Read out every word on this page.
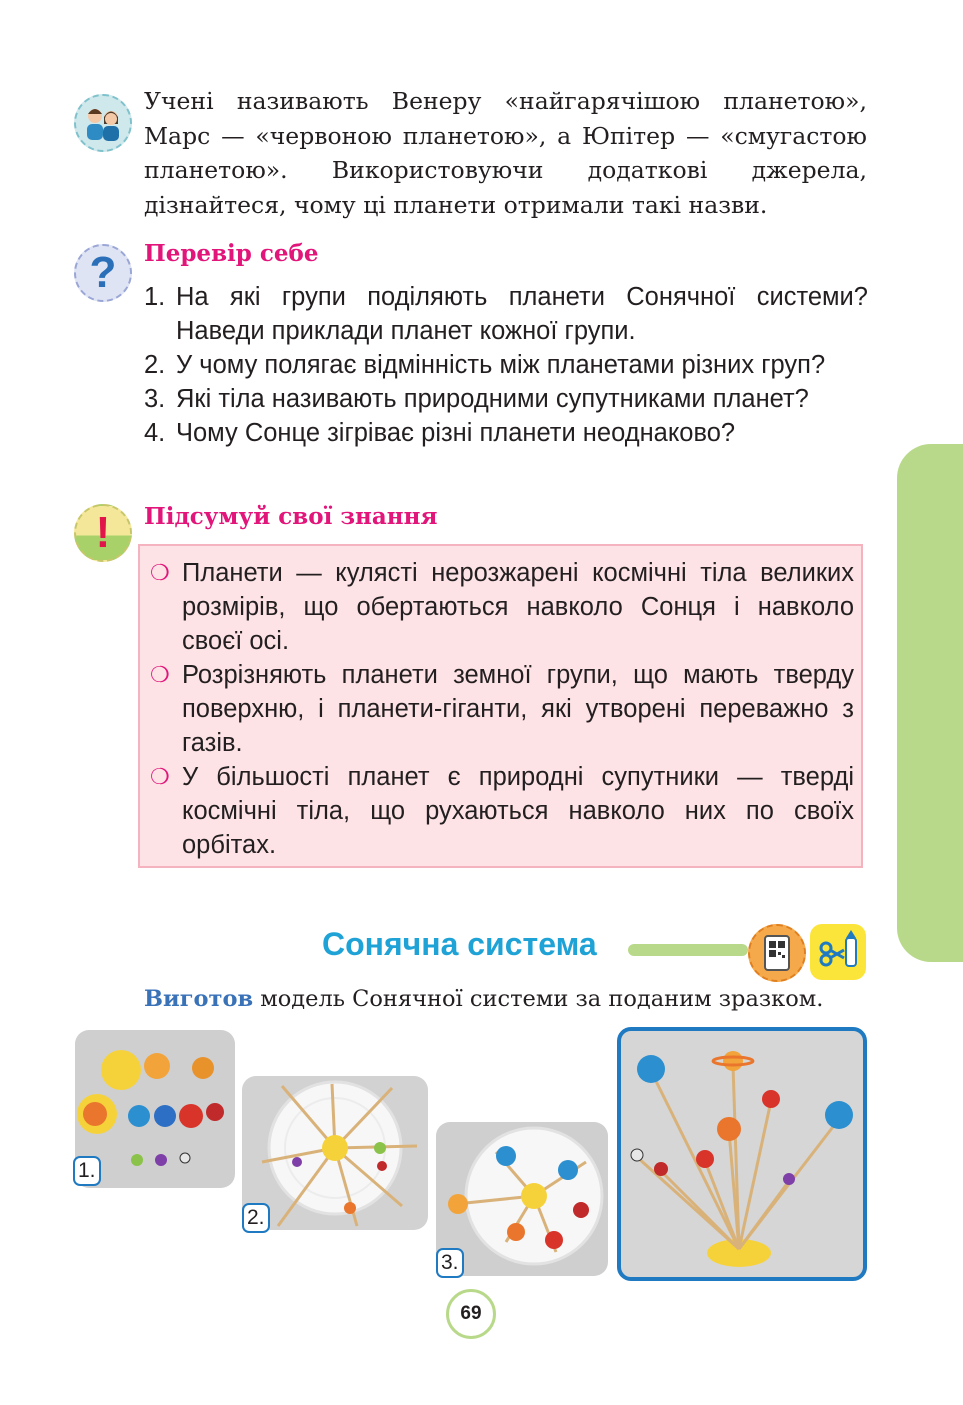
Учені називають Венеру «найгарячішою планетою», Марс — «червоною планетою», а Юпітер — «смугастою планетою». Використовуючи додаткові джерела, дізнайтеся, чому ці планети отримали такі назви.
?	Перевір себе
1. На які групи поділяють планети Сонячної системи? Наведи приклади планет кожної групи.
2. У чому полягає відмінність між планетами різних груп?
3. Які тіла називають природними супутниками планет?
4. Чому Сонце зігріває різні планети неоднаково?
!	Підсумуй свої знання
❍ Планети — кулясті нерозжарені космічні тіла великих розмірів, що обертаються навколо Сонця і навколо своєї осі.
❍ Розрізняють планети земної групи, що мають тверду поверхню, і планети-гіганти, які утворені переважно з газів.
❍ У більшості планет є природні супутники — тверді космічні тіла, що рухаються навколо них по своїх орбітах.
Сонячна система
Виготов модель Сонячної системи за поданим зразком.
1.
2.
3.
69
